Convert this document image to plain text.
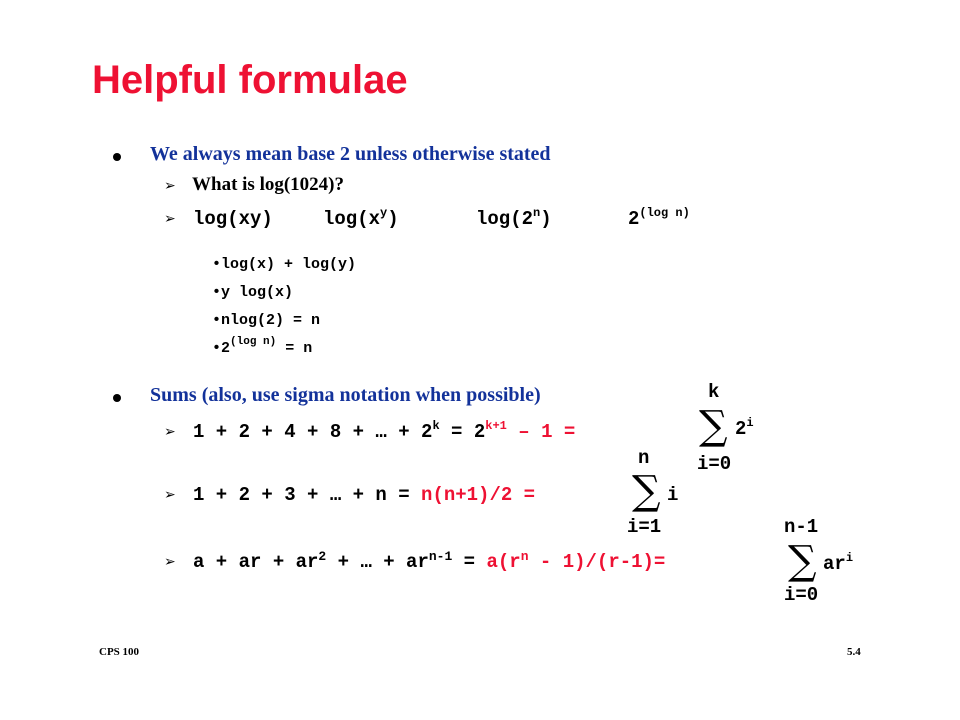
Helpful formulae
We always mean base 2 unless otherwise stated
➢ What is log(1024)?
➢ log(xy)	$\log(x^y)$	log(2$^n$)	$2^{(log n)}$
•log(x) + log(y)
•y log(x)
•nlog(2) = n
$•2^{(log n)} = n$
Sums (also, use sigma notation when possible)
➢ 1 + 2 + 4 + 8 + … + $2^k = 2^{k+1} - 1$ =
k
∑ 2$^i$
i=0
n
➢ 1 + 2 + 3 + … + n = n(n+1)/2 = ∑ i
i=1	n-1
➢ a + ar + $ar^2$ + … + $ar^{n-1} = a(r^n - 1)/(r-1)=$	∑ $ar^i$
i=0
CPS 100	5.4
